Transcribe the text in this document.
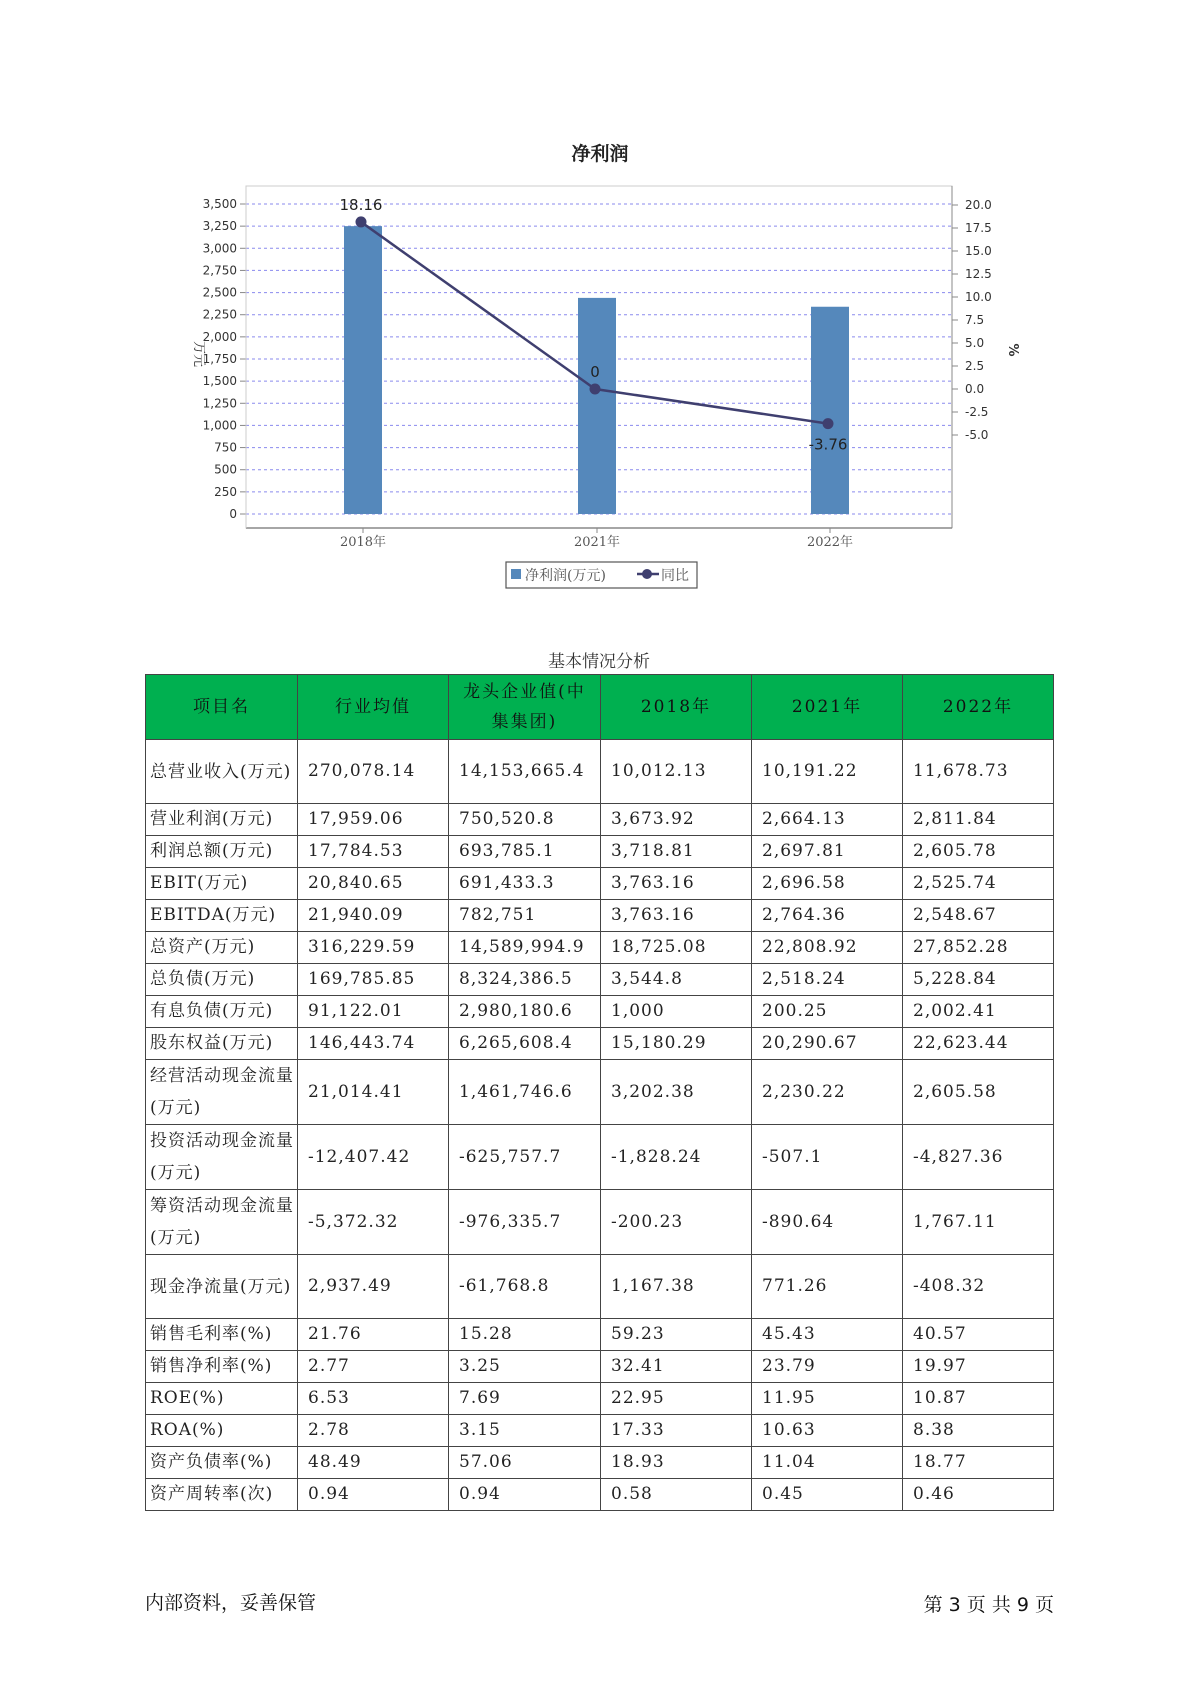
净利润
0
250
500
750
1,000
1,250
1,500
1,750
2,000
2,250
2,500
2,750
3,000
3,250
3,500
-5.0
-2.5
0.0
2.5
5.0
7.5
10.0
12.5
15.0
17.5
20.0
万元	%
2018年	2021年	2022年
18.16
0
-3.76
净利润(万元)	同比
基本情况分析
项目名	行业均值	龙头企业值(中集集团)	2018年	2021年	2022年
总营业收入(万元)	270,078.14	14,153,665.4	10,012.13	10,191.22	11,678.73
营业利润(万元)	17,959.06	750,520.8	3,673.92	2,664.13	2,811.84
利润总额(万元)	17,784.53	693,785.1	3,718.81	2,697.81	2,605.78
EBIT(万元)	20,840.65	691,433.3	3,763.16	2,696.58	2,525.74
EBITDA(万元)	21,940.09	782,751	3,763.16	2,764.36	2,548.67
总资产(万元)	316,229.59	14,589,994.9	18,725.08	22,808.92	27,852.28
总负债(万元)	169,785.85	8,324,386.5	3,544.8	2,518.24	5,228.84
有息负债(万元)	91,122.01	2,980,180.6	1,000	200.25	2,002.41
股东权益(万元)	146,443.74	6,265,608.4	15,180.29	20,290.67	22,623.44
经营活动现金流量(万元)	21,014.41	1,461,746.6	3,202.38	2,230.22	2,605.58
投资活动现金流量(万元)	-12,407.42	-625,757.7	-1,828.24	-507.1	-4,827.36
筹资活动现金流量(万元)	-5,372.32	-976,335.7	-200.23	-890.64	1,767.11
现金净流量(万元)	2,937.49	-61,768.8	1,167.38	771.26	-408.32
销售毛利率(%)	21.76	15.28	59.23	45.43	40.57
销售净利率(%)	2.77	3.25	32.41	23.79	19.97
ROE(%)	6.53	7.69	22.95	11.95	10.87
ROA(%)	2.78	3.15	17.33	10.63	8.38
资产负债率(%)	48.49	57.06	18.93	11.04	18.77
资产周转率(次)	0.94	0.94	0.58	0.45	0.46
内部资料，妥善保管	第 3 页 共 9 页
